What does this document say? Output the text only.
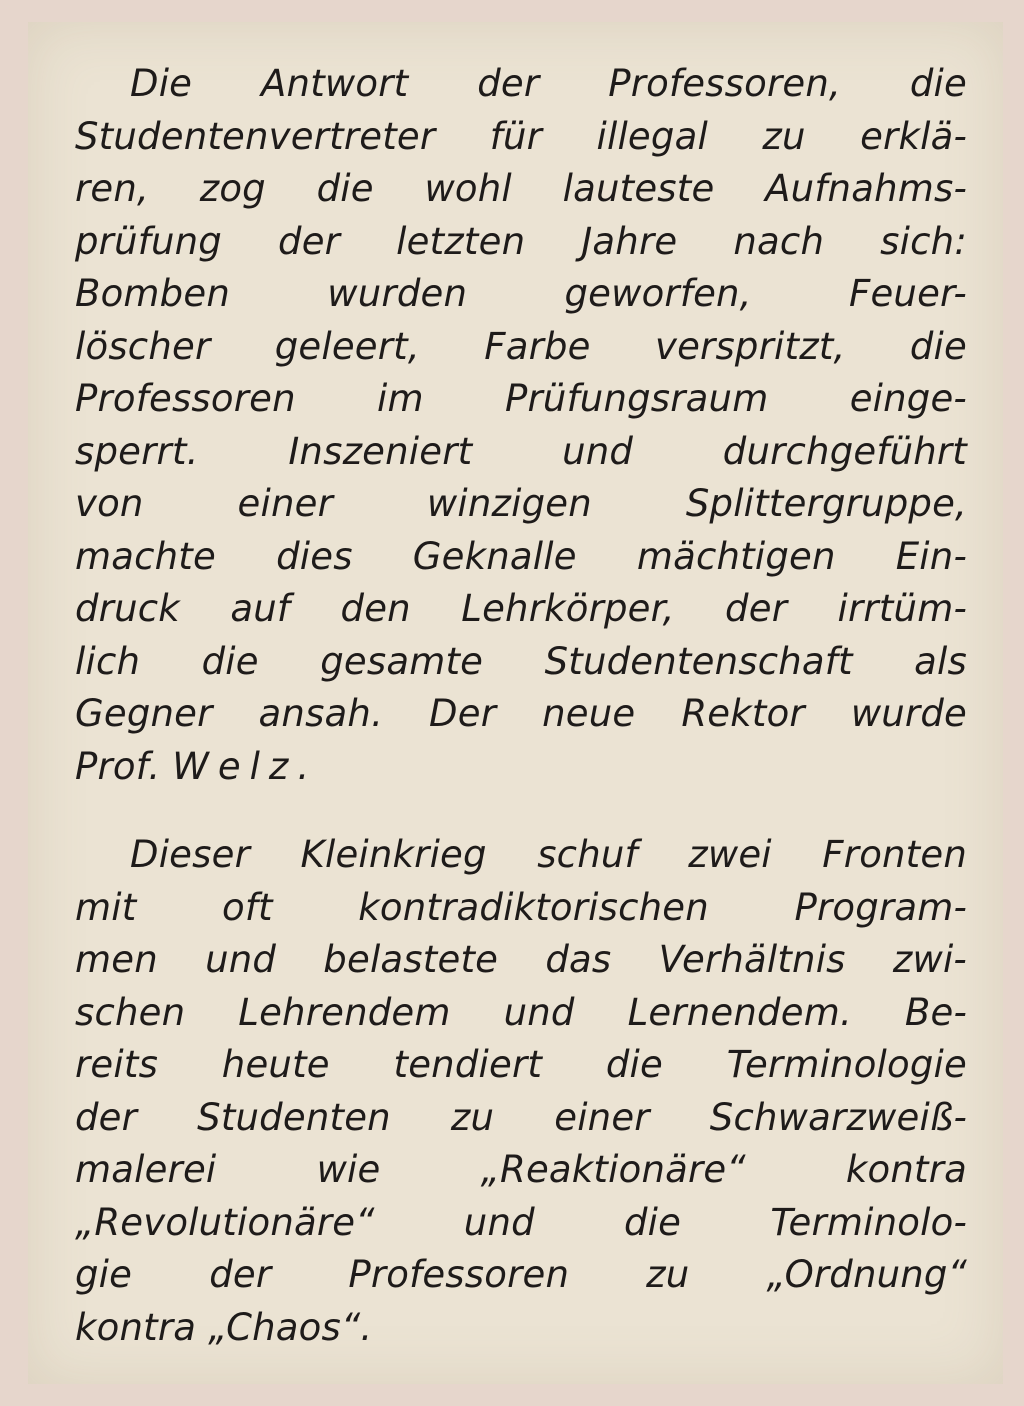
Die Antwort der Professoren, die
Studentenvertreter für illegal zu erklä-
ren, zog die wohl lauteste Aufnahms-
prüfung der letzten Jahre nach sich:
Bomben wurden geworfen, Feuer-
löscher geleert, Farbe verspritzt, die
Professoren im Prüfungsraum einge-
sperrt. Inszeniert und durchgeführt
von einer winzigen Splittergruppe,
machte dies Geknalle mächtigen Ein-
druck auf den Lehrkörper, der irrtüm-
lich die gesamte Studentenschaft als
Gegner ansah. Der neue Rektor wurde
Prof. Welz.
Dieser Kleinkrieg schuf zwei Fronten
mit oft kontradiktorischen Program-
men und belastete das Verhältnis zwi-
schen Lehrendem und Lernendem. Be-
reits heute tendiert die Terminologie
der Studenten zu einer Schwarzweiß-
malerei wie „Reaktionäre“ kontra
„Revolutionäre“ und die Terminolo-
gie der Professoren zu „Ordnung“
kontra „Chaos“.
